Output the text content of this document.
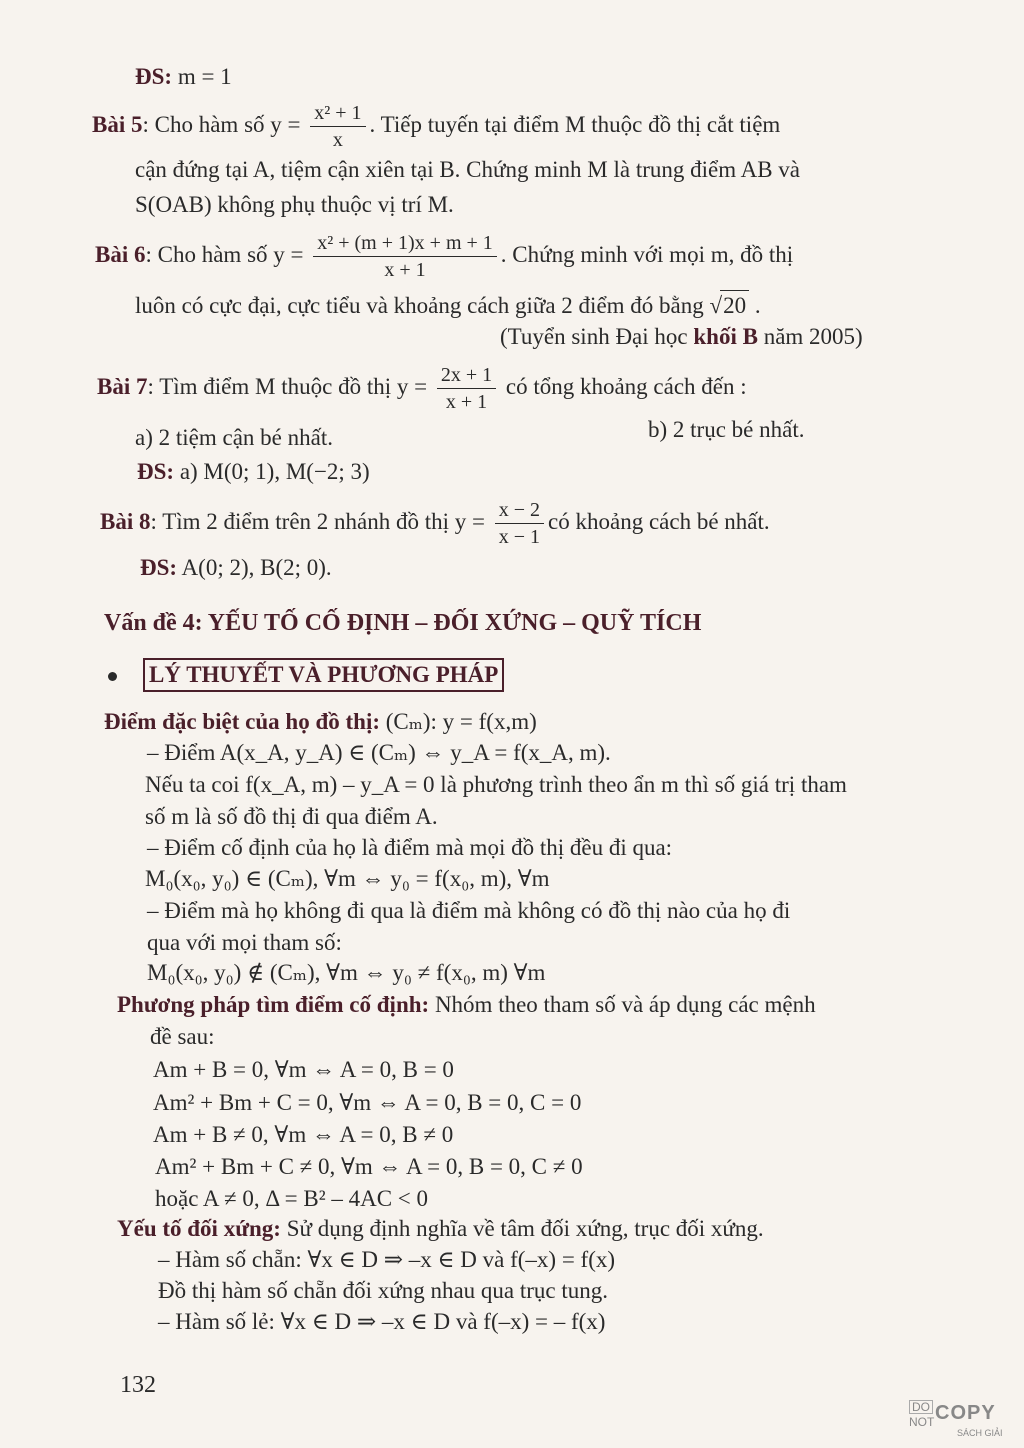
ĐS: m = 1
Bài 5: Cho hàm số $y = \frac{\text{x² + 1}}{x}$ . Tiếp tuyến tại điểm M thuộc đồ thị cắt tiệm
cận đứng tại A, tiệm cận xiên tại B. Chứng minh M là trung điểm AB và
S(OAB) không phụ thuộc vị trí M.
Bài 6: Cho hàm số $y = \frac{\text{x² + (m + 1)x + m + 1}}{x + 1}$ . Chứng minh với mọi m, đồ thị
luôn có cực đại, cực tiểu và khoảng cách giữa 2 điểm đó bằng √20 .
(Tuyển sinh Đại học khối B năm 2005)
Bài 7: Tìm điểm M thuộc đồ thị $y = \frac{2x + 1}{x + 1}$ có tổng khoảng cách đến :
a) 2 tiệm cận bé nhất.	b) 2 trục bé nhất.
ĐS: a) M(0; 1), M(−2; 3)
Bài 8: Tìm 2 điểm trên 2 nhánh đồ thị $y = \frac{x - 2}{x - 1}$ có khoảng cách bé nhất.
ĐS: A(0; 2), B(2; 0).
Vấn đề 4: YẾU TỐ CỐ ĐỊNH – ĐỐI XỨNG – QUỸ TÍCH
LÝ THUYẾT VÀ PHƯƠNG PHÁP
Điểm đặc biệt của họ đồ thị: (Cₘ): y = f(x,m)
– Điểm A(x_A, y_A) ∈ (Cₘ) ⇔ y_A = f(x_A, m).
Nếu ta coi f(x_A, m) – y_A = 0 là phương trình theo ẩn m thì số giá trị tham
số m là số đồ thị đi qua điểm A.
– Điểm cố định của họ là điểm mà mọi đồ thị đều đi qua:
M₀(x₀, y₀) ∈ (Cₘ), ∀m ⇔ y₀ = f(x₀, m), ∀m
– Điểm mà họ không đi qua là điểm mà không có đồ thị nào của họ đi
qua với mọi tham số:
M₀(x₀, y₀) ∉ (Cₘ), ∀m ⇔ y₀ ≠ f(x₀, m) ∀m
Phương pháp tìm điểm cố định: Nhóm theo tham số và áp dụng các mệnh
đề sau:
Am + B = 0, ∀m ⇔ A = 0, B = 0
Am² + Bm + C = 0, ∀m ⇔ A = 0, B = 0, C = 0
Am + B ≠ 0, ∀m ⇔ A = 0, B ≠ 0
Am² + Bm + C ≠ 0, ∀m ⇔ A = 0, B = 0, C ≠ 0
hoặc A ≠ 0, Δ = B² – 4AC < 0
Yếu tố đối xứng: Sử dụng định nghĩa về tâm đối xứng, trục đối xứng.
– Hàm số chẵn: ∀x ∈ D ⇒ –x ∈ D và f(–x) = f(x)
Đồ thị hàm số chẵn đối xứng nhau qua trục tung.
– Hàm số lẻ: ∀x ∈ D ⇒ –x ∈ D và f(–x) = – f(x)
132
DO
NOT COPY
SÁCH GIẢI
